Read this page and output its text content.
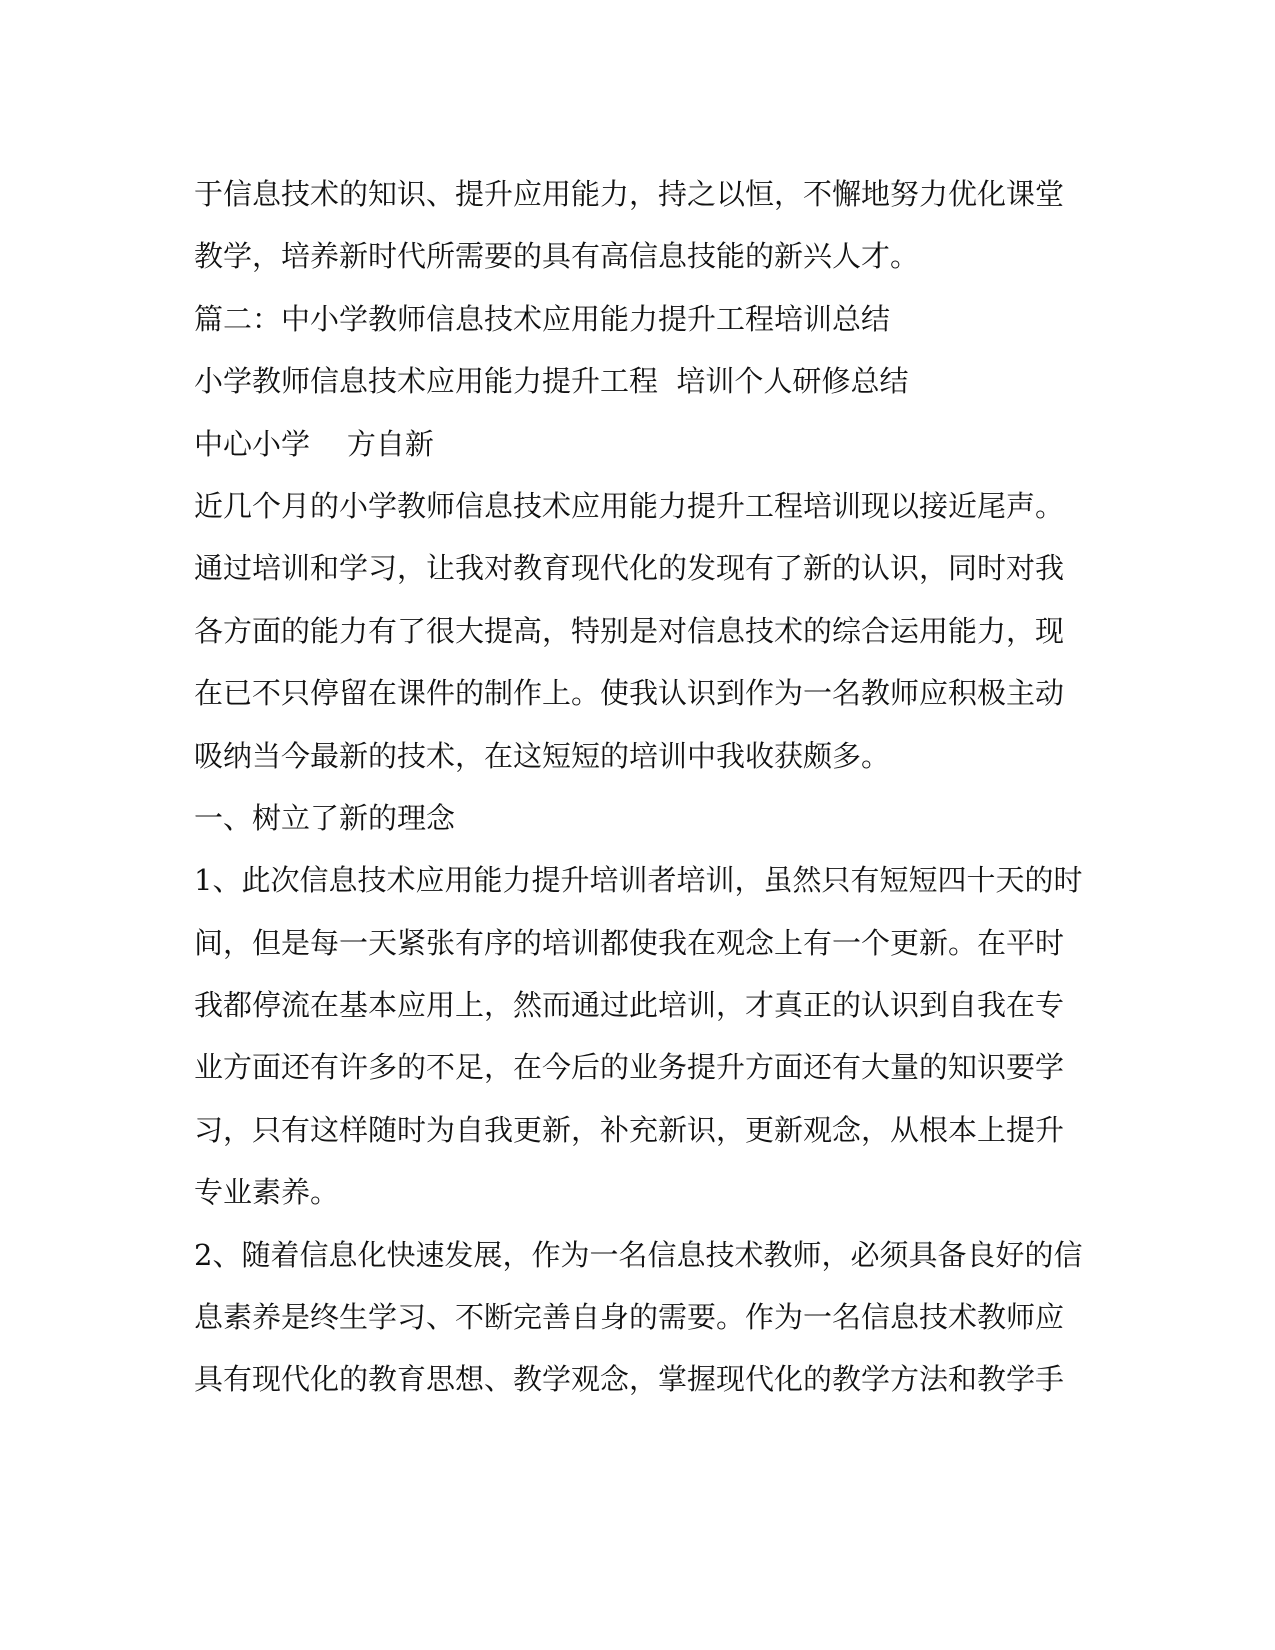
于信息技术的知识、提升应用能力，持之以恒，不懈地努力优化课堂
教学，培养新时代所需要的具有高信息技能的新兴人才。
篇二：中小学教师信息技术应用能力提升工程培训总结
小学教师信息技术应用能力提升工程  培训个人研修总结
中心小学    方自新
近几个月的小学教师信息技术应用能力提升工程培训现以接近尾声。
通过培训和学习，让我对教育现代化的发现有了新的认识，同时对我
各方面的能力有了很大提高，特别是对信息技术的综合运用能力，现
在已不只停留在课件的制作上。使我认识到作为一名教师应积极主动
吸纳当今最新的技术，在这短短的培训中我收获颇多。
一、树立了新的理念
1、此次信息技术应用能力提升培训者培训，虽然只有短短四十天的时
间，但是每一天紧张有序的培训都使我在观念上有一个更新。在平时
我都停流在基本应用上，然而通过此培训，才真正的认识到自我在专
业方面还有许多的不足，在今后的业务提升方面还有大量的知识要学
习，只有这样随时为自我更新，补充新识，更新观念，从根本上提升
专业素养。
2、随着信息化快速发展，作为一名信息技术教师，必须具备良好的信
息素养是终生学习、不断完善自身的需要。作为一名信息技术教师应
具有现代化的教育思想、教学观念，掌握现代化的教学方法和教学手
